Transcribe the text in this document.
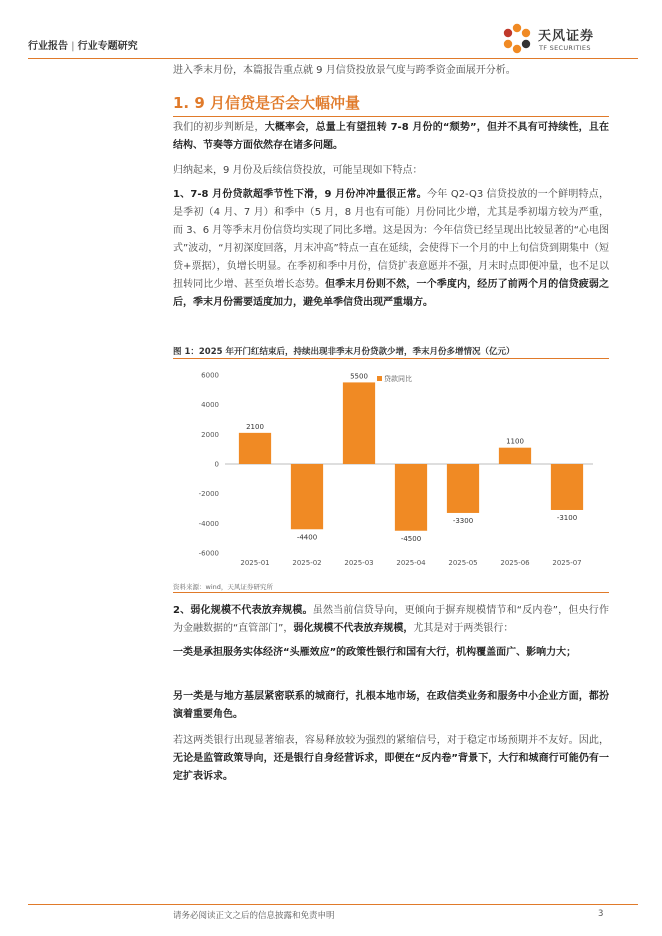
行业报告 | 行业专题研究
天风证券
TF SECURITIES

进入季末月份，本篇报告重点就 9 月信贷投放景气度与跨季资金面展开分析。

1. 9 月信贷是否会大幅冲量

我们的初步判断是，大概率会，总量上有望扭转 7-8 月份的“颓势”，但并不具有可持续性，且在结构、节奏等方面依然存在诸多问题。

归纳起来，9 月份及后续信贷投放，可能呈现如下特点：

1、7-8 月份贷款超季节性下滑，9 月份冲冲量很正常。今年 Q2-Q3 信贷投放的一个鲜明特点，是季初（4 月、7 月）和季中（5 月，8 月也有可能）月份同比少增，尤其是季初塌方较为严重，而 3、6 月等季末月份信贷均实现了同比多增。这是因为：今年信贷已经呈现出比较显著的“心电图式”波动，“月初深度回落，月末冲高”特点一直在延续，会使得下一个月的中上旬信贷到期集中（短贷+票据），负增长明显。在季初和季中月份，信贷扩表意愿并不强，月末时点即便冲量，也不足以扭转同比少增、甚至负增长态势。但季末月份则不然，一个季度内，经历了前两个月的信贷疲弱之后，季末月份需要适度加力，避免单季信贷出现严重塌方。

图 1：2025 年开门红结束后，持续出现非季末月份贷款少增，季末月份多增情况（亿元）
6000
4000
2000
0
-2000
-4000
-6000
2100
-4400
5500
-4500
-3300
1100
-3100
2025-01	2025-02	2025-03	2025-04	2025-05	2025-06	2025-07
贷款同比
资料来源：wind，天风证券研究所

2、弱化规模不代表放弃规模。虽然当前信贷导向，更倾向于摒弃规模情节和“反内卷”，但央行作为金融数据的“直管部门”，弱化规模不代表放弃规模，尤其是对于两类银行：

一类是承担服务实体经济“头雁效应”的政策性银行和国有大行，机构覆盖面广、影响力大；

另一类是与地方基层紧密联系的城商行，扎根本地市场，在政信类业务和服务中小企业方面，都扮演着重要角色。

若这两类银行出现显著缩表，容易释放较为强烈的紧缩信号，对于稳定市场预期并不友好。因此，无论是监管政策导向，还是银行自身经营诉求，即便在“反内卷”背景下，大行和城商行可能仍有一定扩表诉求。

请务必阅读正文之后的信息披露和免责申明	3
